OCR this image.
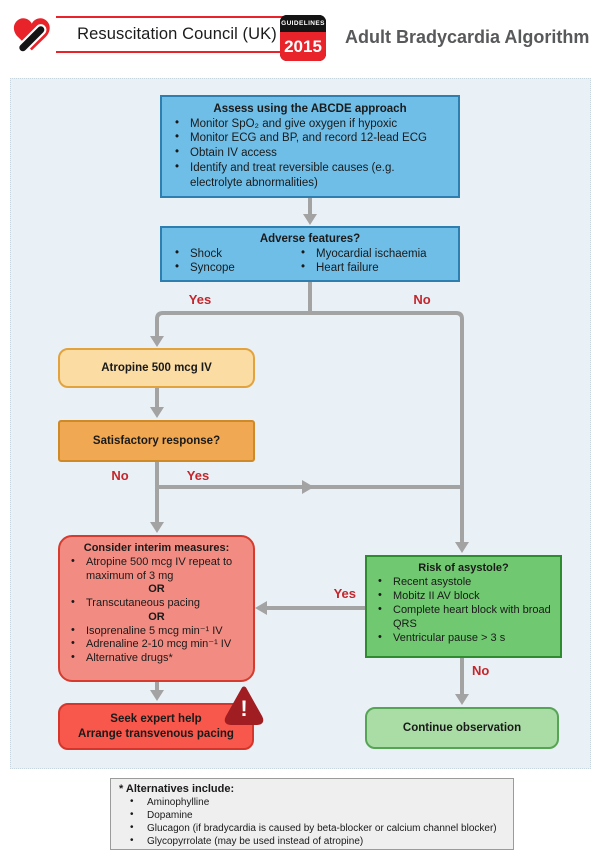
Resuscitation Council (UK)
GUIDELINES
2015 Adult Bradycardia Algorithm
Assess using the ABCDE approach
• Monitor SpO₂ and give oxygen if hypoxic
• Monitor ECG and BP, and record 12-lead ECG
• Obtain IV access
• Identify and treat reversible causes (e.g. electrolyte abnormalities)
Adverse features?
• Shock
• Syncope
• Myocardial ischaemia
• Heart failure
Yes	No
Atropine 500 mcg IV
Satisfactory response?
No	Yes
Consider interim measures:
• Atropine 500 mcg IV repeat to maximum of 3 mg
OR
• Transcutaneous pacing
OR
• Isoprenaline 5 mcg min⁻¹ IV
• Adrenaline 2-10 mcg min⁻¹ IV
• Alternative drugs*
Seek expert help
Arrange transvenous pacing
!
Risk of asystole?
• Recent asystole
• Mobitz II AV block
• Complete heart block with broad QRS
• Ventricular pause > 3 s
Yes
No
Continue observation
* Alternatives include:
• Aminophylline
• Dopamine
• Glucagon (if bradycardia is caused by beta-blocker or calcium channel blocker)
• Glycopyrrolate (may be used instead of atropine)
